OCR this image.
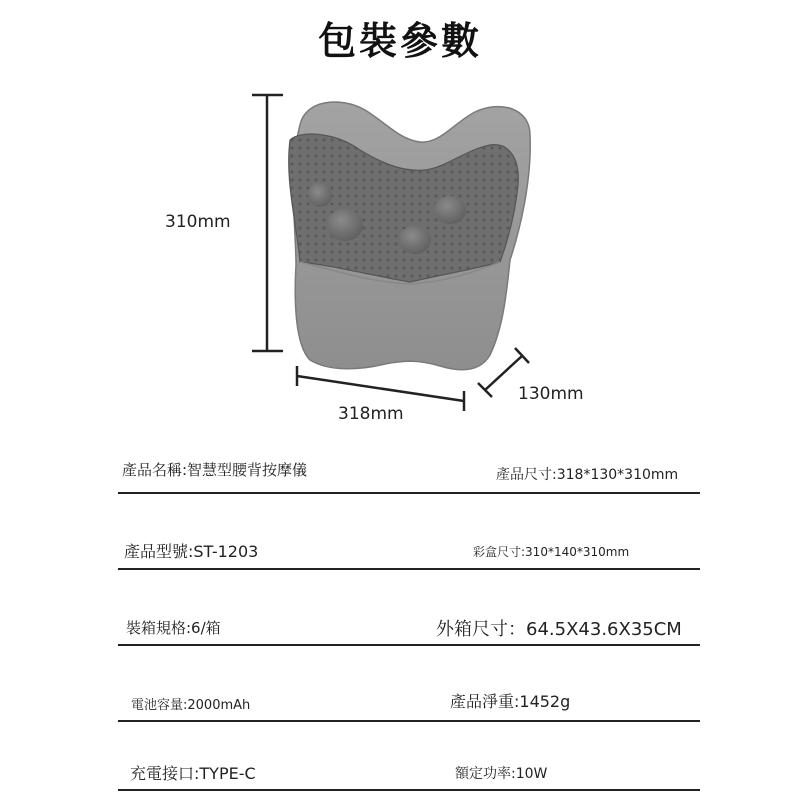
包裝參數
310mm
318mm
130mm
產品名稱:智慧型腰背按摩儀	產品尺寸:318*130*310mm
產品型號:ST-1203	彩盒尺寸:310*140*310mm
裝箱規格:6/箱	外箱尺寸：64.5X43.6X35CM
電池容量:2000mAh	產品淨重:1452g
充電接口:TYPE-C	額定功率:10W
